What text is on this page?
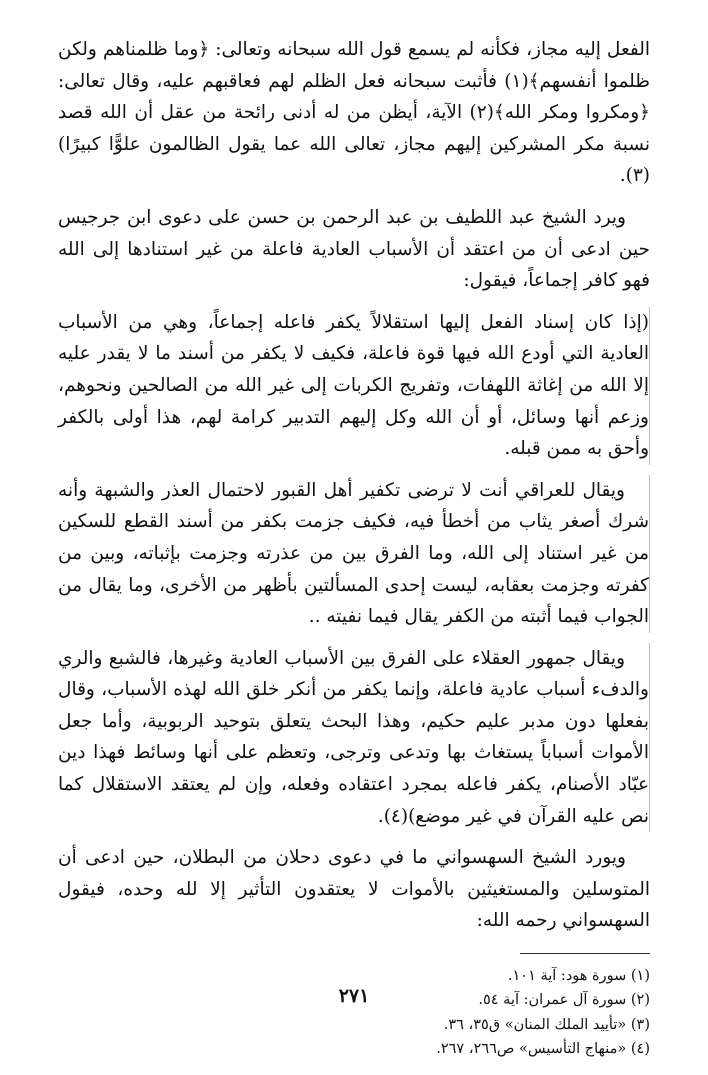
الفعل إليه مجاز، فكأنه لم يسمع قول الله سبحانه وتعالى: ﴿وما ظلمناهم ولكن ظلموا أنفسهم﴾(١) فأثبت سبحانه فعل الظلم لهم فعاقبهم عليه، وقال تعالى: ﴿ومكروا ومكر الله﴾(٢) الآية، أيظن من له أدنى رائحة من عقل أن الله قصد نسبة مكر المشركين إليهم مجاز، تعالى الله عما يقول الظالمون علوًّا كبيرًا)(٣).

ويرد الشيخ عبد اللطيف بن عبد الرحمن بن حسن على دعوى ابن جرجيس حين ادعى أن من اعتقد أن الأسباب العادية فاعلة من غير استنادها إلى الله فهو كافر إجماعاً، فيقول:

(إذا كان إسناد الفعل إليها استقلالاً يكفر فاعله إجماعاً، وهي من الأسباب العادية التي أودع الله فيها قوة فاعلة، فكيف لا يكفر من أسند ما لا يقدر عليه إلا الله من إغاثة اللهفات، وتفريج الكربات إلى غير الله من الصالحين ونحوهم، وزعم أنها وسائل، أو أن الله وكل إليهم التدبير كرامة لهم، هذا أولى بالكفر وأحق به ممن قبله.

ويقال للعراقي أنت لا ترضى تكفير أهل القبور لاحتمال العذر والشبهة وأنه شرك أصغر يثاب من أخطأ فيه، فكيف جزمت بكفر من أسند القطع للسكين من غير استناد إلى الله، وما الفرق بين من عذرته وجزمت بإثباته، وبين من كفرته وجزمت بعقابه، ليست إحدى المسألتين بأظهر من الأخرى، وما يقال من الجواب فيما أثبته من الكفر يقال فيما نفيته ..

ويقال جمهور العقلاء على الفرق بين الأسباب العادية وغيرها، فالشبع والري والدفء أسباب عادية فاعلة، وإنما يكفر من أنكر خلق الله لهذه الأسباب، وقال بفعلها دون مدبر عليم حكيم، وهذا البحث يتعلق بتوحيد الربوبية، وأما جعل الأموات أسباباً يستغاث بها وتدعى وترجى، وتعظم على أنها وسائط فهذا دين عبّاد الأصنام، يكفر فاعله بمجرد اعتقاده وفعله، وإن لم يعتقد الاستقلال كما نص عليه القرآن في غير موضع)(٤).

ويورد الشيخ السهسواني ما في دعوى دحلان من البطلان، حين ادعى أن المتوسلين والمستغيثين بالأموات لا يعتقدون التأثير إلا لله وحده، فيقول السهسواني رحمه الله:

(١) سورة هود: آية ١٠١.
(٢) سورة آل عمران: آية ٥٤.
(٣) «تأييد الملك المنان» ق٣٥، ٣٦.
(٤) «منهاج التأسيس» ص٢٦٦، ٢٦٧.
٢٧١
